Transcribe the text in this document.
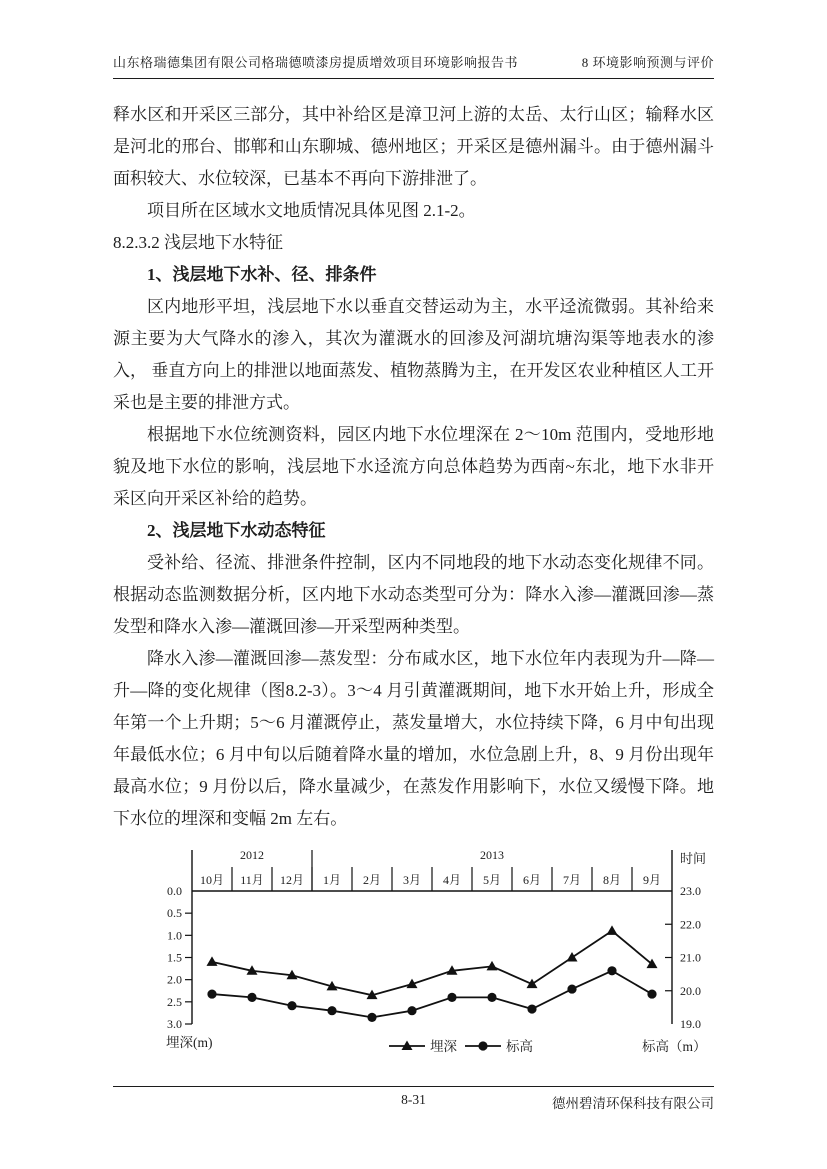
山东格瑞德集团有限公司格瑞德喷漆房提质增效项目环境影响报告书	8 环境影响预测与评价

释水区和开采区三部分，其中补给区是漳卫河上游的太岳、太行山区；输释水区是河北的邢台、邯郸和山东聊城、德州地区；开采区是德州漏斗。由于德州漏斗面积较大、水位较深，已基本不再向下游排泄了。

项目所在区域水文地质情况具体见图 2.1-2。

8.2.3.2 浅层地下水特征

1、浅层地下水补、径、排条件

区内地形平坦，浅层地下水以垂直交替运动为主，水平迳流微弱。其补给来源主要为大气降水的渗入，其次为灌溉水的回渗及河湖坑塘沟渠等地表水的渗入， 垂直方向上的排泄以地面蒸发、植物蒸腾为主，在开发区农业种植区人工开采也是主要的排泄方式。

根据地下水位统测资料，园区内地下水位埋深在 2～10m 范围内，受地形地貌及地下水位的影响，浅层地下水迳流方向总体趋势为西南~东北，地下水非开采区向开采区补给的趋势。

2、浅层地下水动态特征

受补给、径流、排泄条件控制，区内不同地段的地下水动态变化规律不同。根据动态监测数据分析，区内地下水动态类型可分为：降水入渗—灌溉回渗—蒸发型和降水入渗—灌溉回渗—开采型两种类型。

降水入渗—灌溉回渗—蒸发型：分布咸水区，地下水位年内表现为升—降— 升—降的变化规律（图8.2-3）。3～4 月引黄灌溉期间，地下水开始上升，形成全年第一个上升期；5～6 月灌溉停止，蒸发量增大，水位持续下降，6 月中旬出现年最低水位；6 月中旬以后随着降水量的增加，水位急剧上升，8、9 月份出现年最高水位；9 月份以后，降水量减少，在蒸发作用影响下，水位又缓慢下降。地下水位的埋深和变幅 2m 左右。

2012	2013
10月 11月 12月 1月 2月 3月 4月 5月 6月 7月 8月 9月
0.0
0.5
1.0
1.5
2.0
2.5
3.0
23.0
22.0
21.0
20.0
19.0
时间
埋深(m)	标高（m）
埋深	标高
8-31	德州碧清环保科技有限公司
